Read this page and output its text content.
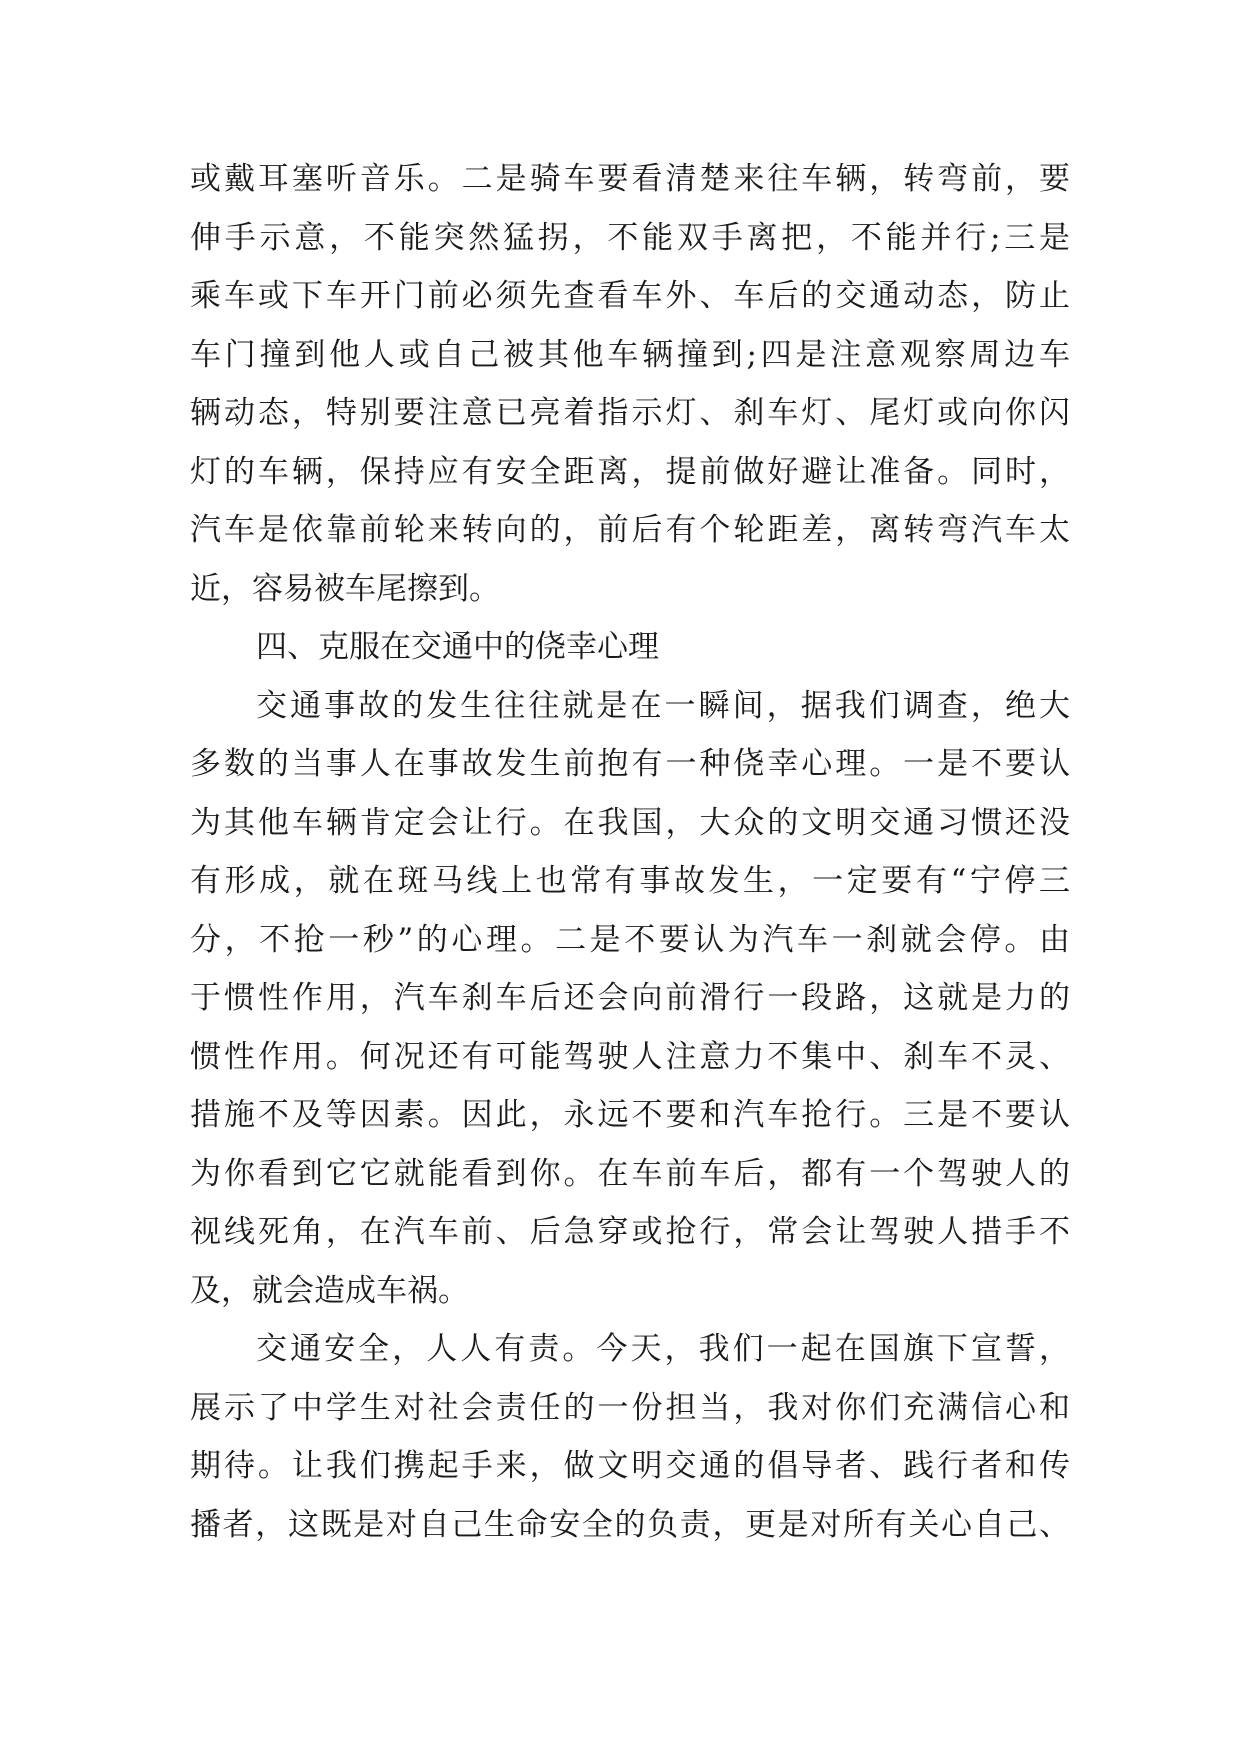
或戴耳塞听音乐。二是骑车要看清楚来往车辆，转弯前，要
伸手示意，不能突然猛拐，不能双手离把，不能并行;三是
乘车或下车开门前必须先查看车外、车后的交通动态，防止
车门撞到他人或自己被其他车辆撞到;四是注意观察周边车
辆动态，特别要注意已亮着指示灯、刹车灯、尾灯或向你闪
灯的车辆，保持应有安全距离，提前做好避让准备。同时，
汽车是依靠前轮来转向的，前后有个轮距差，离转弯汽车太
近，容易被车尾擦到。
四、克服在交通中的侥幸心理
交通事故的发生往往就是在一瞬间，据我们调查，绝大
多数的当事人在事故发生前抱有一种侥幸心理。一是不要认
为其他车辆肯定会让行。在我国，大众的文明交通习惯还没
有形成，就在斑马线上也常有事故发生，一定要有“宁停三
分，不抢一秒”的心理。二是不要认为汽车一刹就会停。由
于惯性作用，汽车刹车后还会向前滑行一段路，这就是力的
惯性作用。何况还有可能驾驶人注意力不集中、刹车不灵、
措施不及等因素。因此，永远不要和汽车抢行。三是不要认
为你看到它它就能看到你。在车前车后，都有一个驾驶人的
视线死角，在汽车前、后急穿或抢行，常会让驾驶人措手不
及，就会造成车祸。
交通安全，人人有责。今天，我们一起在国旗下宣誓，
展示了中学生对社会责任的一份担当，我对你们充满信心和
期待。让我们携起手来，做文明交通的倡导者、践行者和传
播者，这既是对自己生命安全的负责，更是对所有关心自己、
